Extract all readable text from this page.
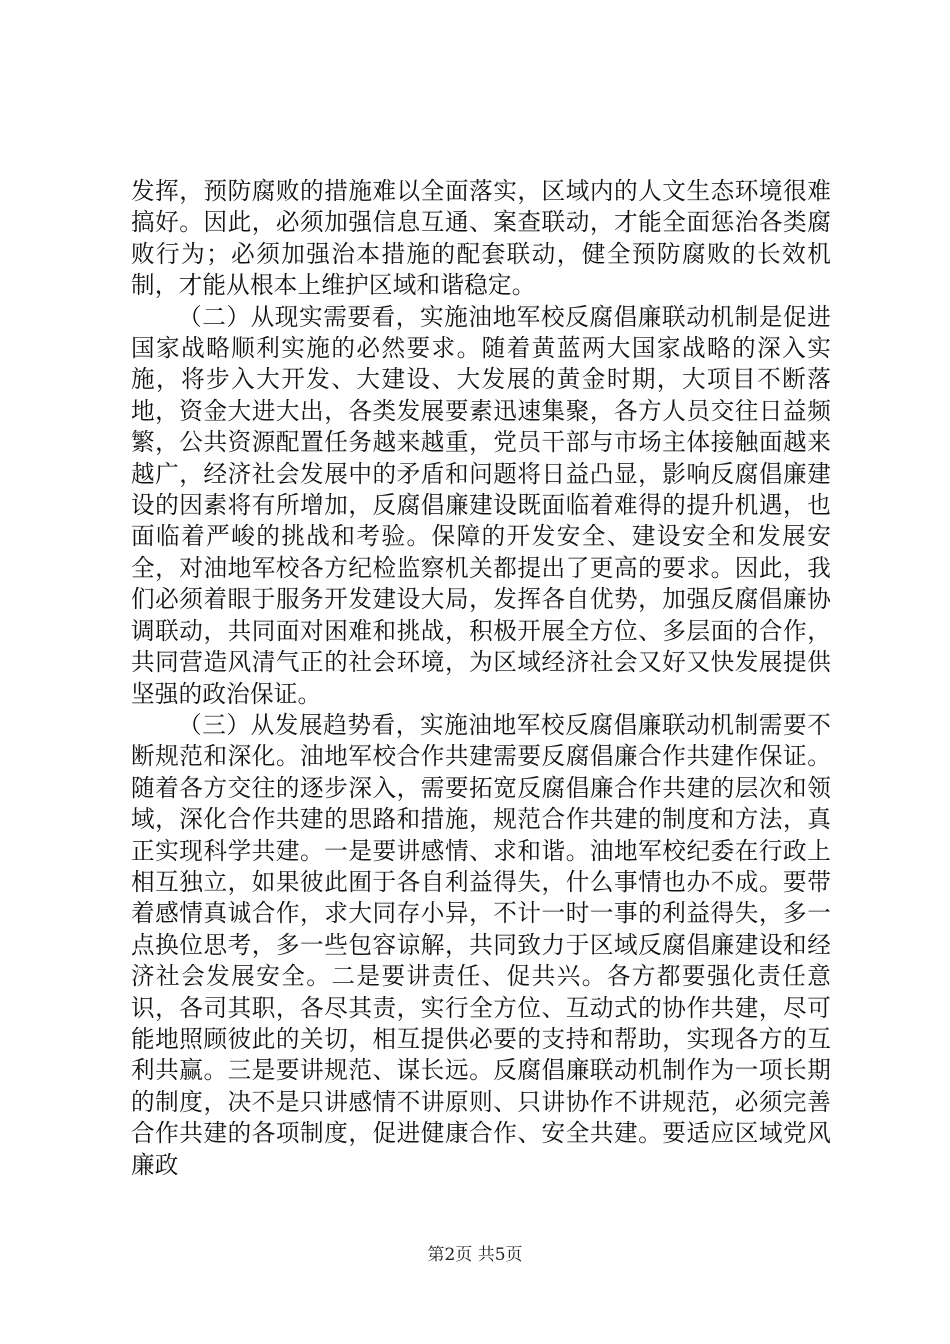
发挥，预防腐败的措施难以全面落实，区域内的人文生态环境很难搞好。因此，必须加强信息互通、案查联动，才能全面惩治各类腐败行为；必须加强治本措施的配套联动，健全预防腐败的长效机制，才能从根本上维护区域和谐稳定。

（二）从现实需要看，实施油地军校反腐倡廉联动机制是促进国家战略顺利实施的必然要求。随着黄蓝两大国家战略的深入实施，将步入大开发、大建设、大发展的黄金时期，大项目不断落地，资金大进大出，各类发展要素迅速集聚，各方人员交往日益频繁，公共资源配置任务越来越重，党员干部与市场主体接触面越来越广，经济社会发展中的矛盾和问题将日益凸显，影响反腐倡廉建设的因素将有所增加，反腐倡廉建设既面临着难得的提升机遇，也面临着严峻的挑战和考验。保障的开发安全、建设安全和发展安全，对油地军校各方纪检监察机关都提出了更高的要求。因此，我们必须着眼于服务开发建设大局，发挥各自优势，加强反腐倡廉协调联动，共同面对困难和挑战，积极开展全方位、多层面的合作，共同营造风清气正的社会环境，为区域经济社会又好又快发展提供坚强的政治保证。

（三）从发展趋势看，实施油地军校反腐倡廉联动机制需要不断规范和深化。油地军校合作共建需要反腐倡廉合作共建作保证。随着各方交往的逐步深入，需要拓宽反腐倡廉合作共建的层次和领域，深化合作共建的思路和措施，规范合作共建的制度和方法，真正实现科学共建。一是要讲感情、求和谐。油地军校纪委在行政上相互独立，如果彼此囿于各自利益得失，什么事情也办不成。要带着感情真诚合作，求大同存小异，不计一时一事的利益得失，多一点换位思考，多一些包容谅解，共同致力于区域反腐倡廉建设和经济社会发展安全。二是要讲责任、促共兴。各方都要强化责任意识，各司其职，各尽其责，实行全方位、互动式的协作共建，尽可能地照顾彼此的关切，相互提供必要的支持和帮助，实现各方的互利共赢。三是要讲规范、谋长远。反腐倡廉联动机制作为一项长期的制度，决不是只讲感情不讲原则、只讲协作不讲规范，必须完善合作共建的各项制度，促进健康合作、安全共建。要适应区域党风廉政

第2页 共5页
